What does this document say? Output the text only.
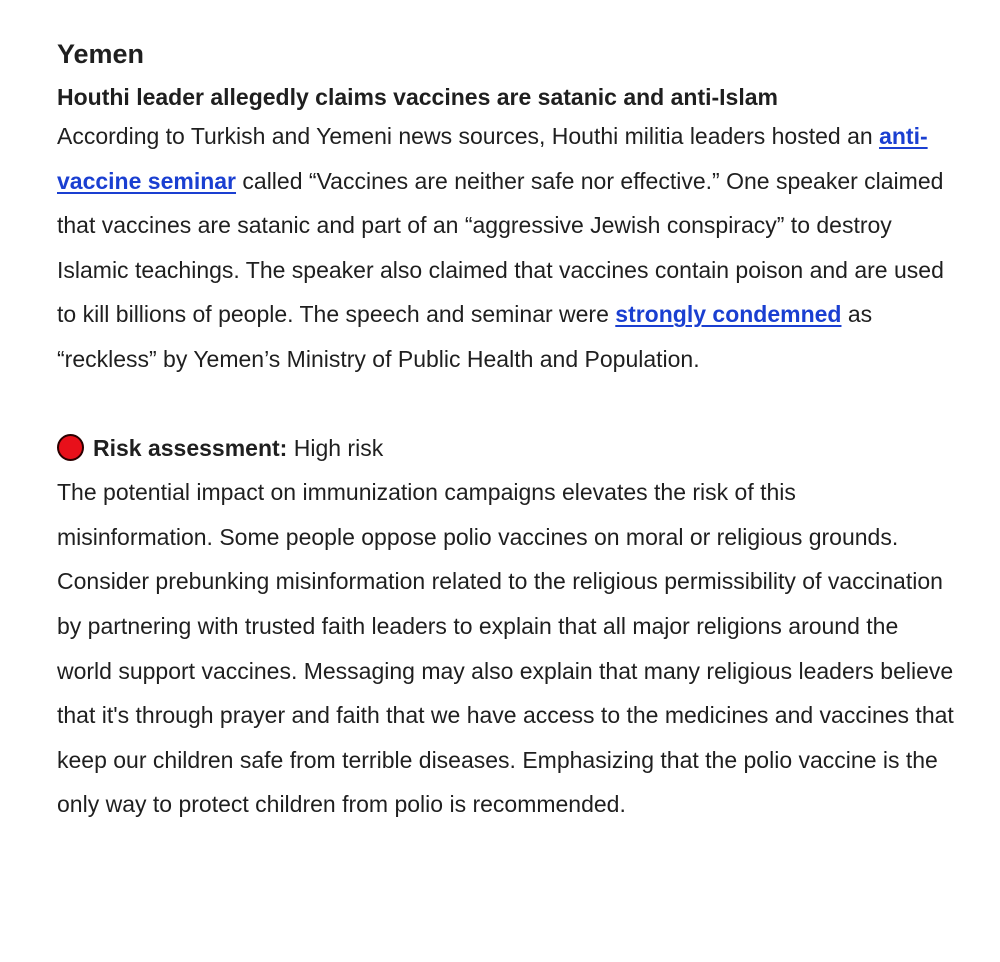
Yemen
Houthi leader allegedly claims vaccines are satanic and anti-Islam

According to Turkish and Yemeni news sources, Houthi militia leaders hosted an anti-vaccine seminar called “Vaccines are neither safe nor effective.” One speaker claimed that vaccines are satanic and part of an “aggressive Jewish conspiracy” to destroy Islamic teachings. The speaker also claimed that vaccines contain poison and are used to kill billions of people. The speech and seminar were strongly condemned as “reckless” by Yemen’s Ministry of Public Health and Population.

Risk assessment:
High risk

The potential impact on immunization campaigns elevates the risk of this misinformation. Some people oppose polio vaccines on moral or religious grounds. Consider prebunking misinformation related to the religious permissibility of vaccination by partnering with trusted faith leaders to explain that all major religions around the world support vaccines. Messaging may also explain that many religious leaders believe that it's through prayer and faith that we have access to the medicines and vaccines that keep our children safe from terrible diseases. Emphasizing that the polio vaccine is the only way to protect children from polio is recommended.
